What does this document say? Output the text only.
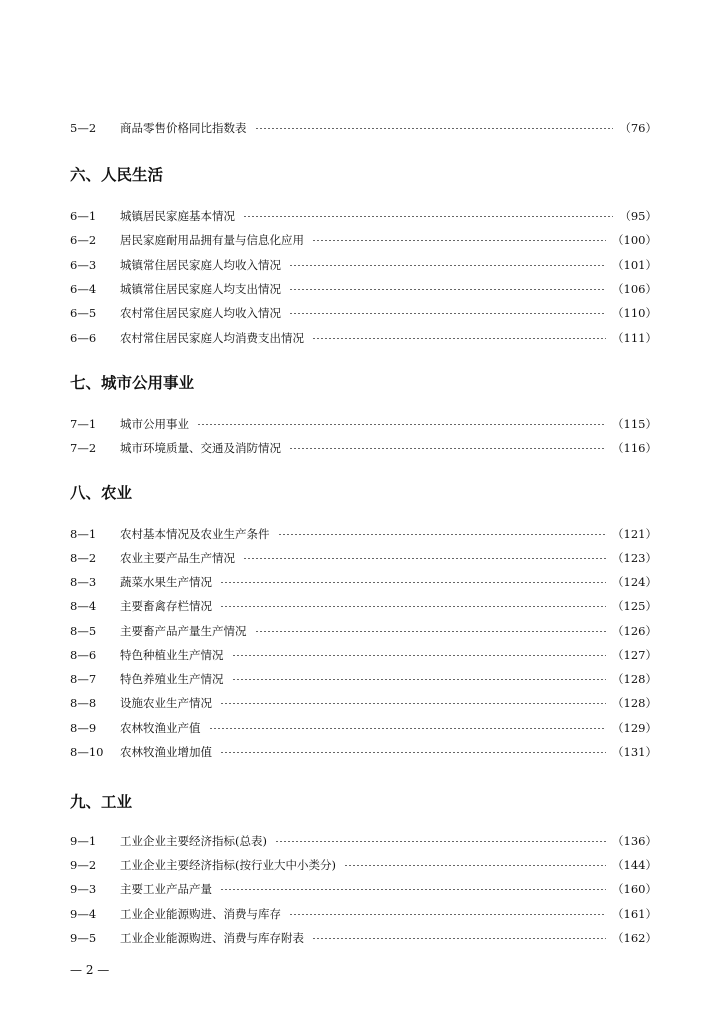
5—2	商品零售价格同比指数表	（76）
六、人民生活
6—1	城镇居民家庭基本情况	（95）
6—2	居民家庭耐用品拥有量与信息化应用	（100）
6—3	城镇常住居民家庭人均收入情况	（101）
6—4	城镇常住居民家庭人均支出情况	（106）
6—5	农村常住居民家庭人均收入情况	（110）
6—6	农村常住居民家庭人均消费支出情况	（111）
七、城市公用事业
7—1	城市公用事业	（115）
7—2	城市环境质量、交通及消防情况	（116）
八、农业
8—1	农村基本情况及农业生产条件	（121）
8—2	农业主要产品生产情况	（123）
8—3	蔬菜水果生产情况	（124）
8—4	主要畜禽存栏情况	（125）
8—5	主要畜产品产量生产情况	（126）
8—6	特色种植业生产情况	（127）
8—7	特色养殖业生产情况	（128）
8—8	设施农业生产情况	（128）
8—9	农林牧渔业产值	（129）
8—10	农林牧渔业增加值	（131）
九、工业
9—1	工业企业主要经济指标(总表)	（136）
9—2	工业企业主要经济指标(按行业大中小类分)	（144）
9—3	主要工业产品产量	（160）
9—4	工业企业能源购进、消费与库存	（161）
9—5	工业企业能源购进、消费与库存附表	（162）
— 2 —
